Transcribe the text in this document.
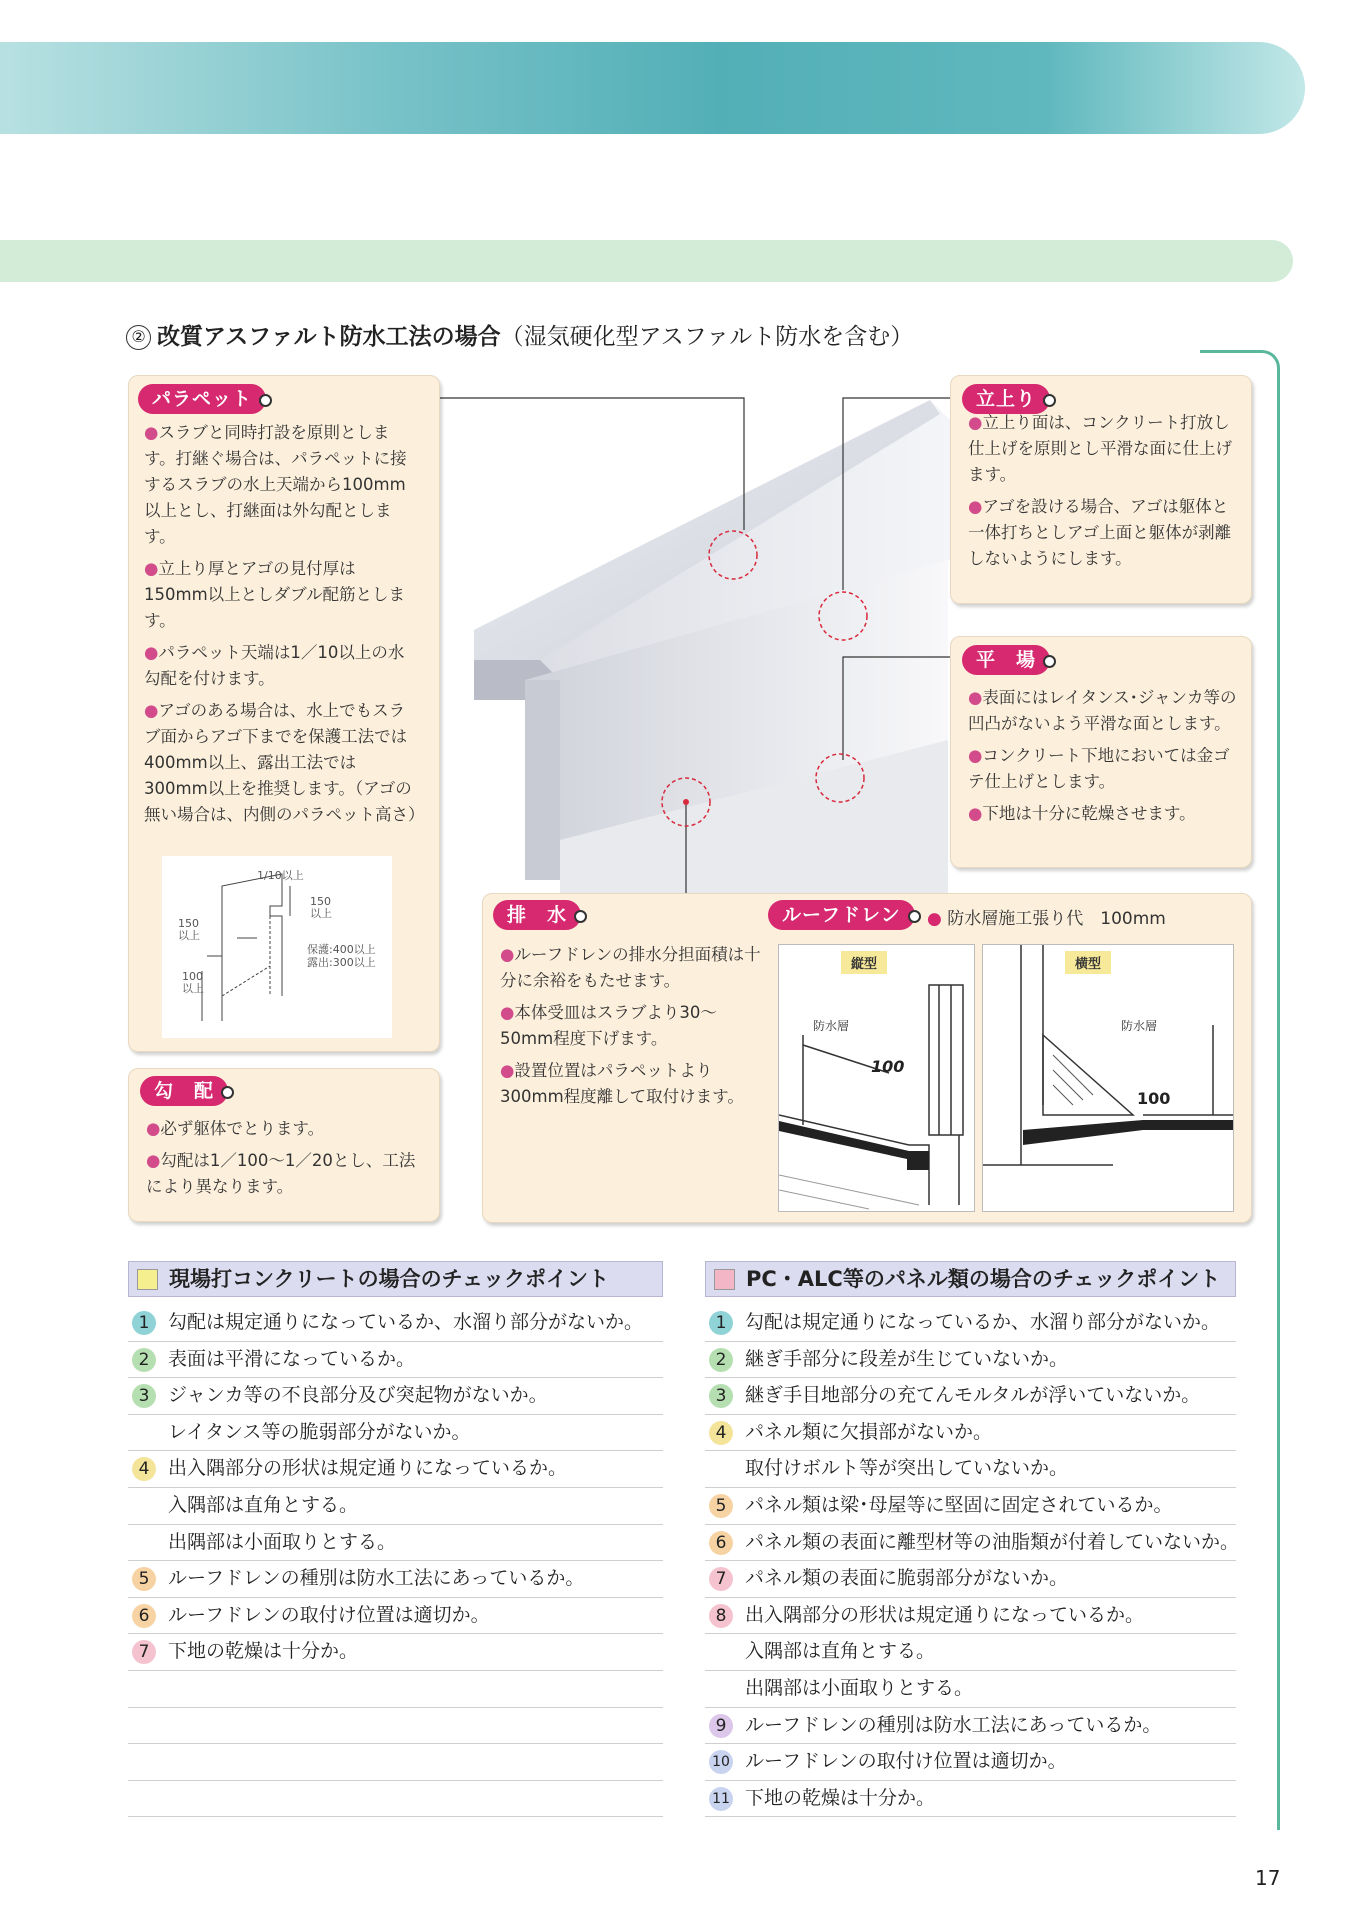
② 改質アスファルト防水工法の場合（湿気硬化型アスファルト防水を含む）
パラペット

●スラブと同時打設を原則とします。打継ぐ場合は、パラペットに接するスラブの水上天端から100mm以上とし、打継面は外勾配とします。

●立上り厚とアゴの見付厚は150mm以上としダブル配筋とします。

●パラペット天端は1／10以上の水勾配を付けます。

●アゴのある場合は、水上でもスラブ面からアゴ下までを保護工法では400mm以上、露出工法では300mm以上を推奨します。（アゴの無い場合は、内側のパラペット高さ）

1/10以上
150
以上
150
以上
100
以上
保護:400以上
露出:300以上
立上り

●立上り面は、コンクリート打放し仕上げを原則とし平滑な面に仕上げます。

●アゴを設ける場合、アゴは躯体と一体打ちとしアゴ上面と躯体が剥離しないようにします。

平　場

●表面にはレイタンス･ジャンカ等の凹凸がないよう平滑な面とします。

●コンクリート下地においては金ゴテ仕上げとします。

●下地は十分に乾燥させます。

排　水

●ルーフドレンの排水分担面積は十分に余裕をもたせます。

●本体受皿はスラブより30～50mm程度下げます。

●設置位置はパラペットより300mm程度離して取付けます。

ルーフドレン	● 防水層施工張り代　100mm
縦型
防水層
100
横型
防水層
100
勾　配

●必ず躯体でとります。

●勾配は1／100～1／20とし、工法により異なります。

現場打コンクリートの場合のチェックポイント
1 勾配は規定通りになっているか、水溜り部分がないか。
2 表面は平滑になっているか。
3 ジャンカ等の不良部分及び突起物がないか。
レイタンス等の脆弱部分がないか。
4 出入隅部分の形状は規定通りになっているか。
入隅部は直角とする。
出隅部は小面取りとする。
5 ルーフドレンの種別は防水工法にあっているか。
6 ルーフドレンの取付け位置は適切か。
7 下地の乾燥は十分か。
PC・ALC等のパネル類の場合のチェックポイント
1 勾配は規定通りになっているか、水溜り部分がないか。
2 継ぎ手部分に段差が生じていないか。
3 継ぎ手目地部分の充てんモルタルが浮いていないか。
4 パネル類に欠損部がないか。
取付けボルト等が突出していないか。
5 パネル類は梁･母屋等に堅固に固定されているか。
6 パネル類の表面に離型材等の油脂類が付着していないか。
7 パネル類の表面に脆弱部分がないか。
8 出入隅部分の形状は規定通りになっているか。
入隅部は直角とする。
出隅部は小面取りとする。
9 ルーフドレンの種別は防水工法にあっているか。
10 ルーフドレンの取付け位置は適切か。
11 下地の乾燥は十分か。
17
